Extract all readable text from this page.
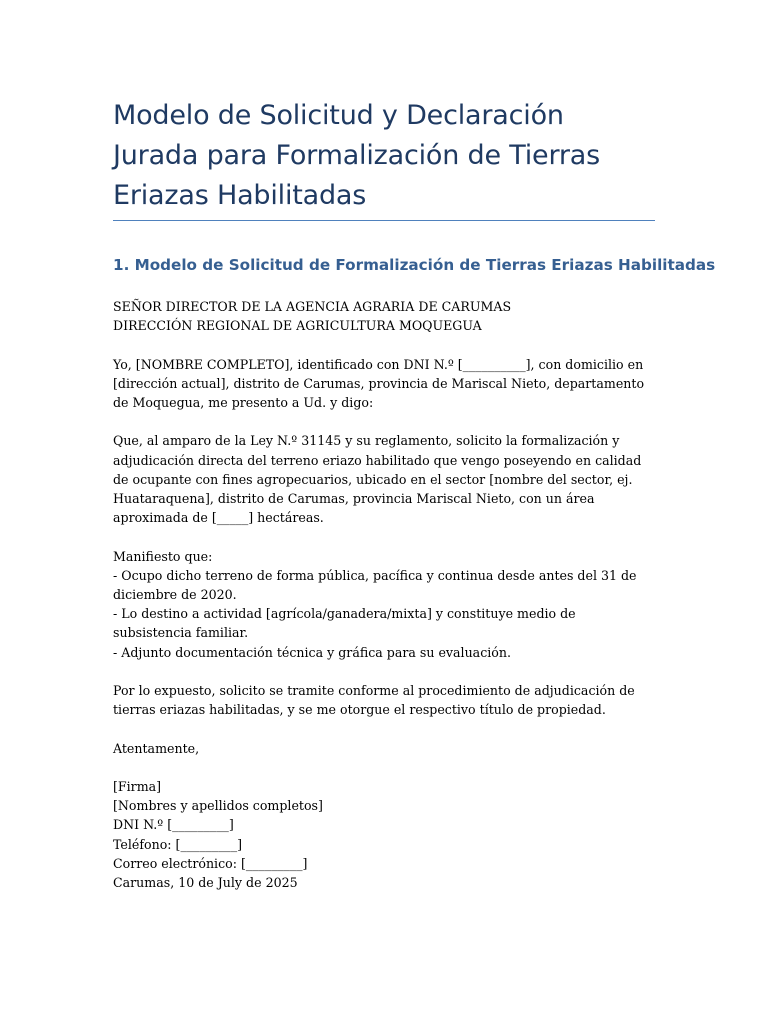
Modelo de Solicitud y Declaración Jurada para Formalización de Tierras Eriazas Habilitadas
1. Modelo de Solicitud de Formalización de Tierras Eriazas Habilitadas

SEÑOR DIRECTOR DE LA AGENCIA AGRARIA DE CARUMAS
DIRECCIÓN REGIONAL DE AGRICULTURA MOQUEGUA

Yo, [NOMBRE COMPLETO], identificado con DNI N.º [__________], con domicilio en [dirección actual], distrito de Carumas, provincia de Mariscal Nieto, departamento de Moquegua, me presento a Ud. y digo:

Que, al amparo de la Ley N.º 31145 y su reglamento, solicito la formalización y adjudicación directa del terreno eriazo habilitado que vengo poseyendo en calidad de ocupante con fines agropecuarios, ubicado en el sector [nombre del sector, ej. Huataraquena], distrito de Carumas, provincia Mariscal Nieto, con un área aproximada de [_____] hectáreas.

Manifiesto que:
- Ocupo dicho terreno de forma pública, pacífica y continua desde antes del 31 de diciembre de 2020.
- Lo destino a actividad [agrícola/ganadera/mixta] y constituye medio de subsistencia familiar.
- Adjunto documentación técnica y gráfica para su evaluación.

Por lo expuesto, solicito se tramite conforme al procedimiento de adjudicación de tierras eriazas habilitadas, y se me otorgue el respectivo título de propiedad.

Atentamente,

[Firma]
[Nombres y apellidos completos]
DNI N.º [_________]
Teléfono: [_________]
Correo electrónico: [_________]
Carumas, 10 de July de 2025
